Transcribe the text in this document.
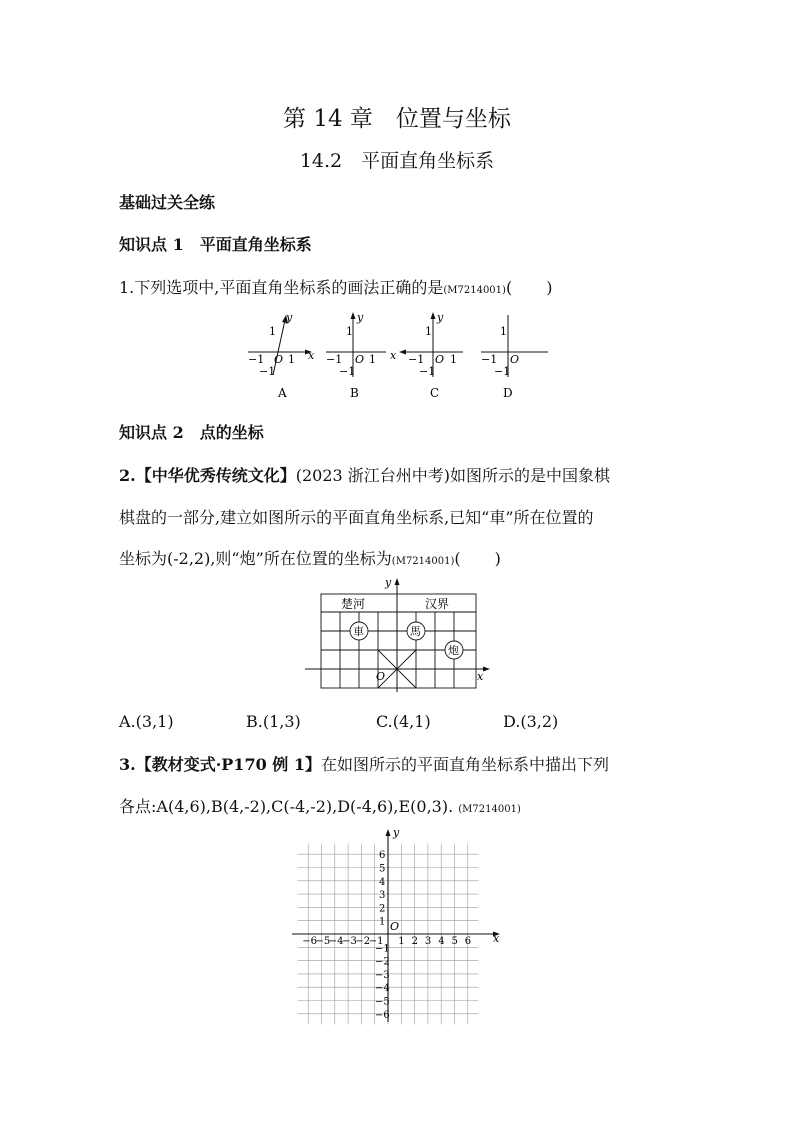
第 14 章　位置与坐标
14.2　平面直角坐标系
基础过关全练
知识点 1　平面直角坐标系
1.下列选项中,平面直角坐标系的画法正确的是(M7214001)( )
y
x
O
1
1
−1
−1
y
1
O 1
−1
−1
y
x
1
O 1
−1
−1
1
O
−1
−1
A	B	C	D
知识点 2　点的坐标
2.【中华优秀传统文化】(2023 浙江台州中考)如图所示的是中国象棋
棋盘的一部分,建立如图所示的平面直角坐标系,已知“車”所在位置的
坐标为(-2,2),则“炮”所在位置的坐标为(M7214001)( )
y
x
O
楚河	汉界
車	馬
炮
A.(3,1)	B.(1,3)	C.(4,1)	D.(3,2)
3.【教材变式·P170 例 1】在如图所示的平面直角坐标系中描出下列
各点:A(4,6),B(4,-2),C(-4,-2),D(-4,6),E(0,3). (M7214001)
y
x
O
−6
−5
−4
−3
−2
−1 1 2 3 4 5 6
6
5
4
3
2
1
−1
−2
−3
−4
−5
−6
